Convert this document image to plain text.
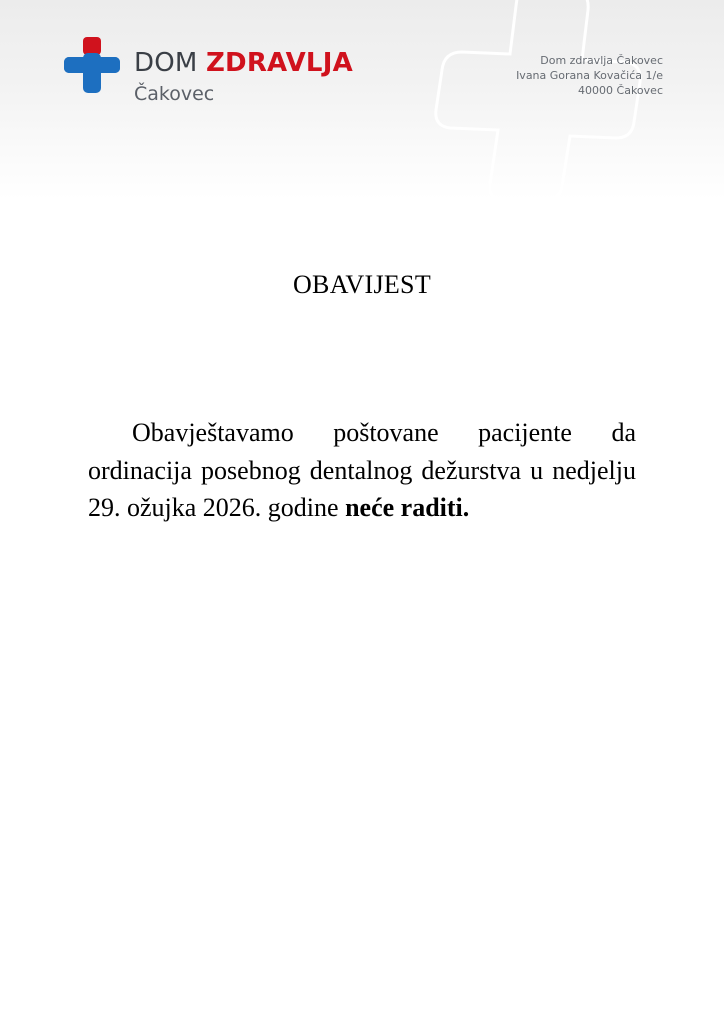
DOM ZDRAVLJA
Čakovec
Dom zdravlja Čakovec
Ivana Gorana Kovačića 1/e
40000 Čakovec
OBAVIJEST

Obavještavamo poštovane pacijente da ordinacija posebnog dentalnog dežurstva u nedjelju 29. ožujka 2026. godine neće raditi.
